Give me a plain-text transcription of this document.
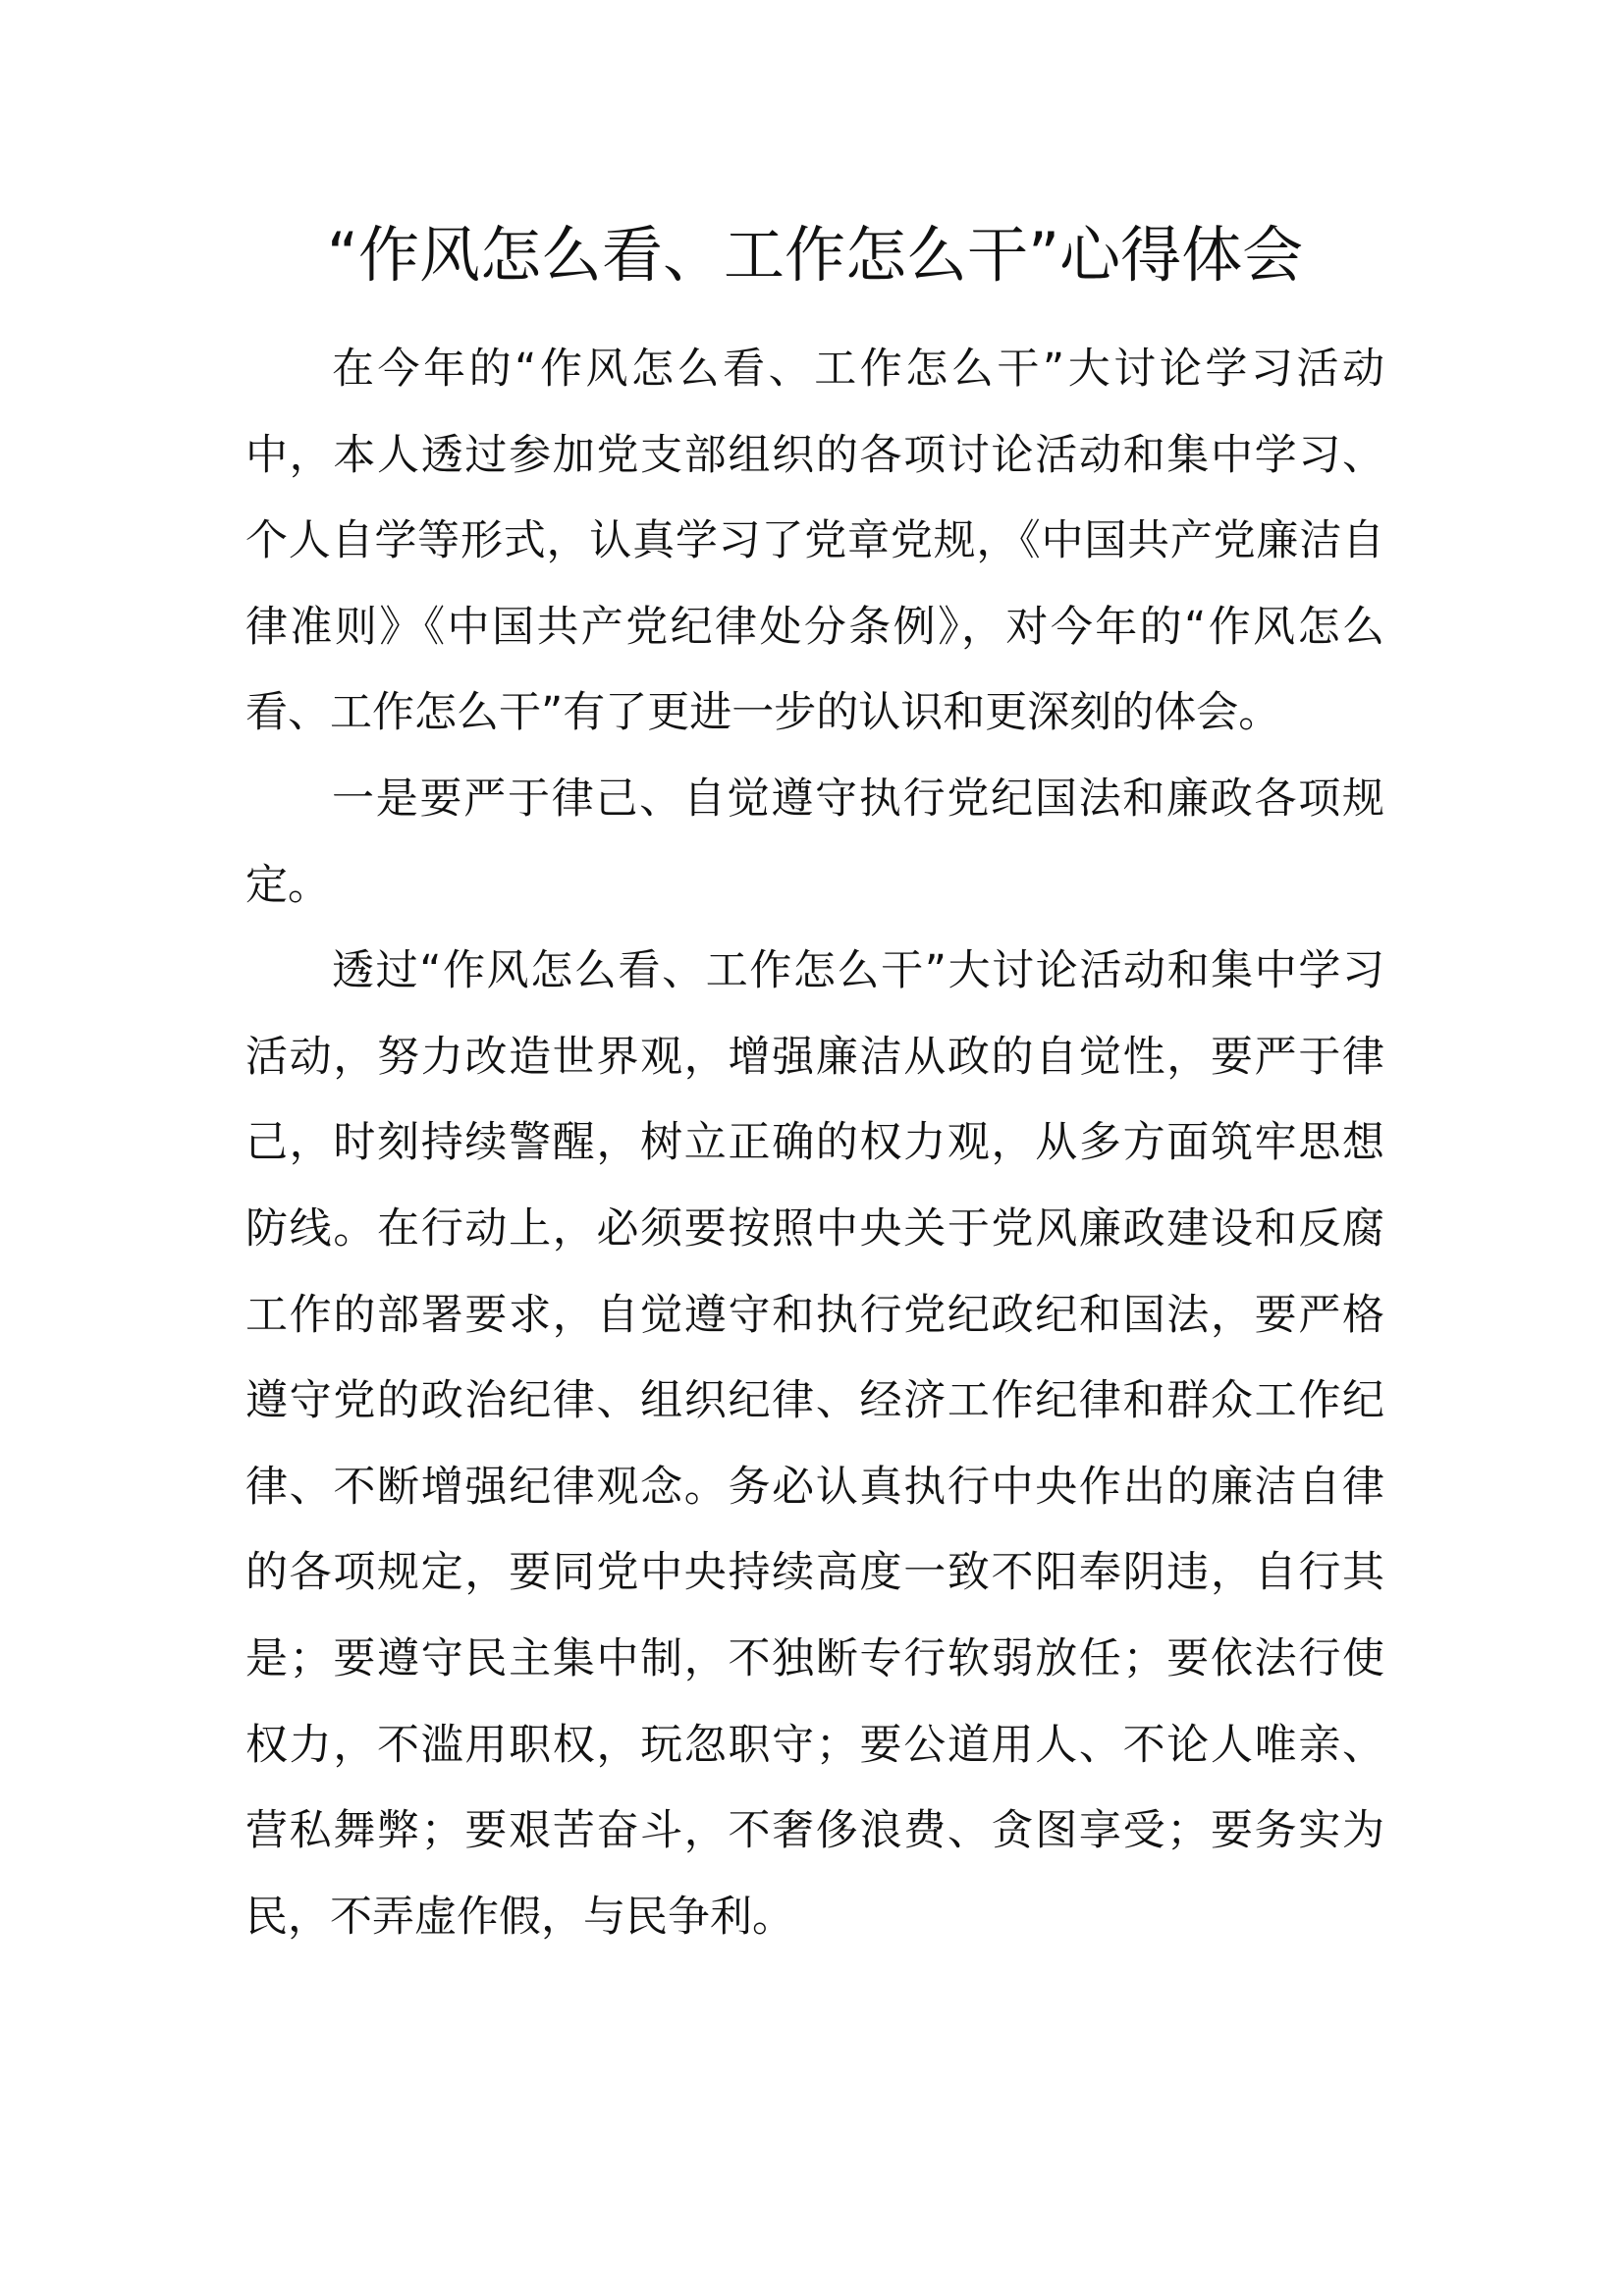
“作风怎么看、工作怎么干”心得体会

在今年的“作风怎么看、工作怎么干”大讨论学习活动中，本人透过参加党支部组织的各项讨论活动和集中学习、个人自学等形式，认真学习了党章党规，《中国共产党廉洁自律准则》《中国共产党纪律处分条例》，对今年的“作风怎么看、工作怎么干”有了更进一步的认识和更深刻的体会。

一是要严于律己、自觉遵守执行党纪国法和廉政各项规定。

透过“作风怎么看、工作怎么干”大讨论活动和集中学习活动，努力改造世界观，增强廉洁从政的自觉性，要严于律己，时刻持续警醒，树立正确的权力观，从多方面筑牢思想防线。在行动上，必须要按照中央关于党风廉政建设和反腐工作的部署要求，自觉遵守和执行党纪政纪和国法，要严格遵守党的政治纪律、组织纪律、经济工作纪律和群众工作纪律、不断增强纪律观念。务必认真执行中央作出的廉洁自律的各项规定，要同党中央持续高度一致不阳奉阴违，自行其是；要遵守民主集中制，不独断专行软弱放任；要依法行使权力，不滥用职权，玩忽职守；要公道用人、不论人唯亲、营私舞弊；要艰苦奋斗，不奢侈浪费、贪图享受；要务实为民，不弄虚作假，与民争利。
